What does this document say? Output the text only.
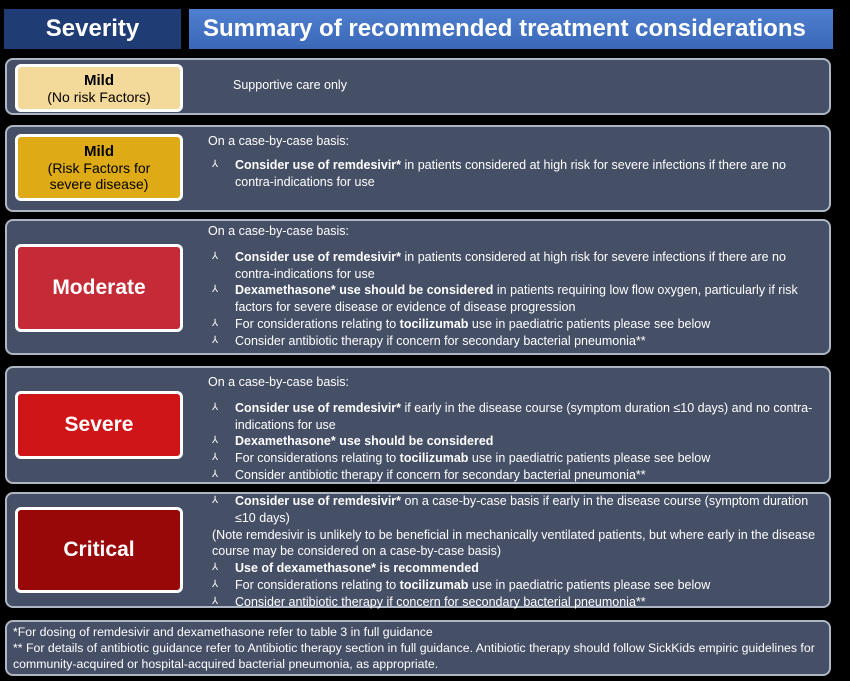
Severity	Summary of recommended treatment considerations
Mild
(No risk Factors)
Supportive care only
Mild
(Risk Factors for
severe disease)
On a case-by-case basis:
⅄ Consider use of remdesivir* in patients considered at high risk for severe infections if there are no contra-indications for use
Moderate
On a case-by-case basis:
⅄ Consider use of remdesivir* in patients considered at high risk for severe infections if there are no contra-indications for use
⅄ Dexamethasone* use should be considered in patients requiring low flow oxygen, particularly if risk factors for severe disease or evidence of disease progression
⅄ For considerations relating to tocilizumab use in paediatric patients please see below
⅄ Consider antibiotic therapy if concern for secondary bacterial pneumonia**
Severe
On a case-by-case basis:
⅄ Consider use of remdesivir* if early in the disease course (symptom duration ≤10 days) and no contra-indications for use
⅄ Dexamethasone* use should be considered
⅄ For considerations relating to tocilizumab use in paediatric patients please see below
⅄ Consider antibiotic therapy if concern for secondary bacterial pneumonia**
Critical
⅄ Consider use of remdesivir* on a case-by-case basis if early in the disease course (symptom duration ≤10 days)
(Note remdesivir is unlikely to be beneficial in mechanically ventilated patients, but where early in the disease course may be considered on a case-by-case basis)
⅄ Use of dexamethasone* is recommended
⅄ For considerations relating to tocilizumab use in paediatric patients please see below
⅄ Consider antibiotic therapy if concern for secondary bacterial pneumonia**
*For dosing of remdesivir and dexamethasone refer to table 3 in full guidance
** For details of antibiotic guidance refer to Antibiotic therapy section in full guidance. Antibiotic therapy should follow SickKids empiric guidelines for community-acquired or hospital-acquired bacterial pneumonia, as appropriate.
